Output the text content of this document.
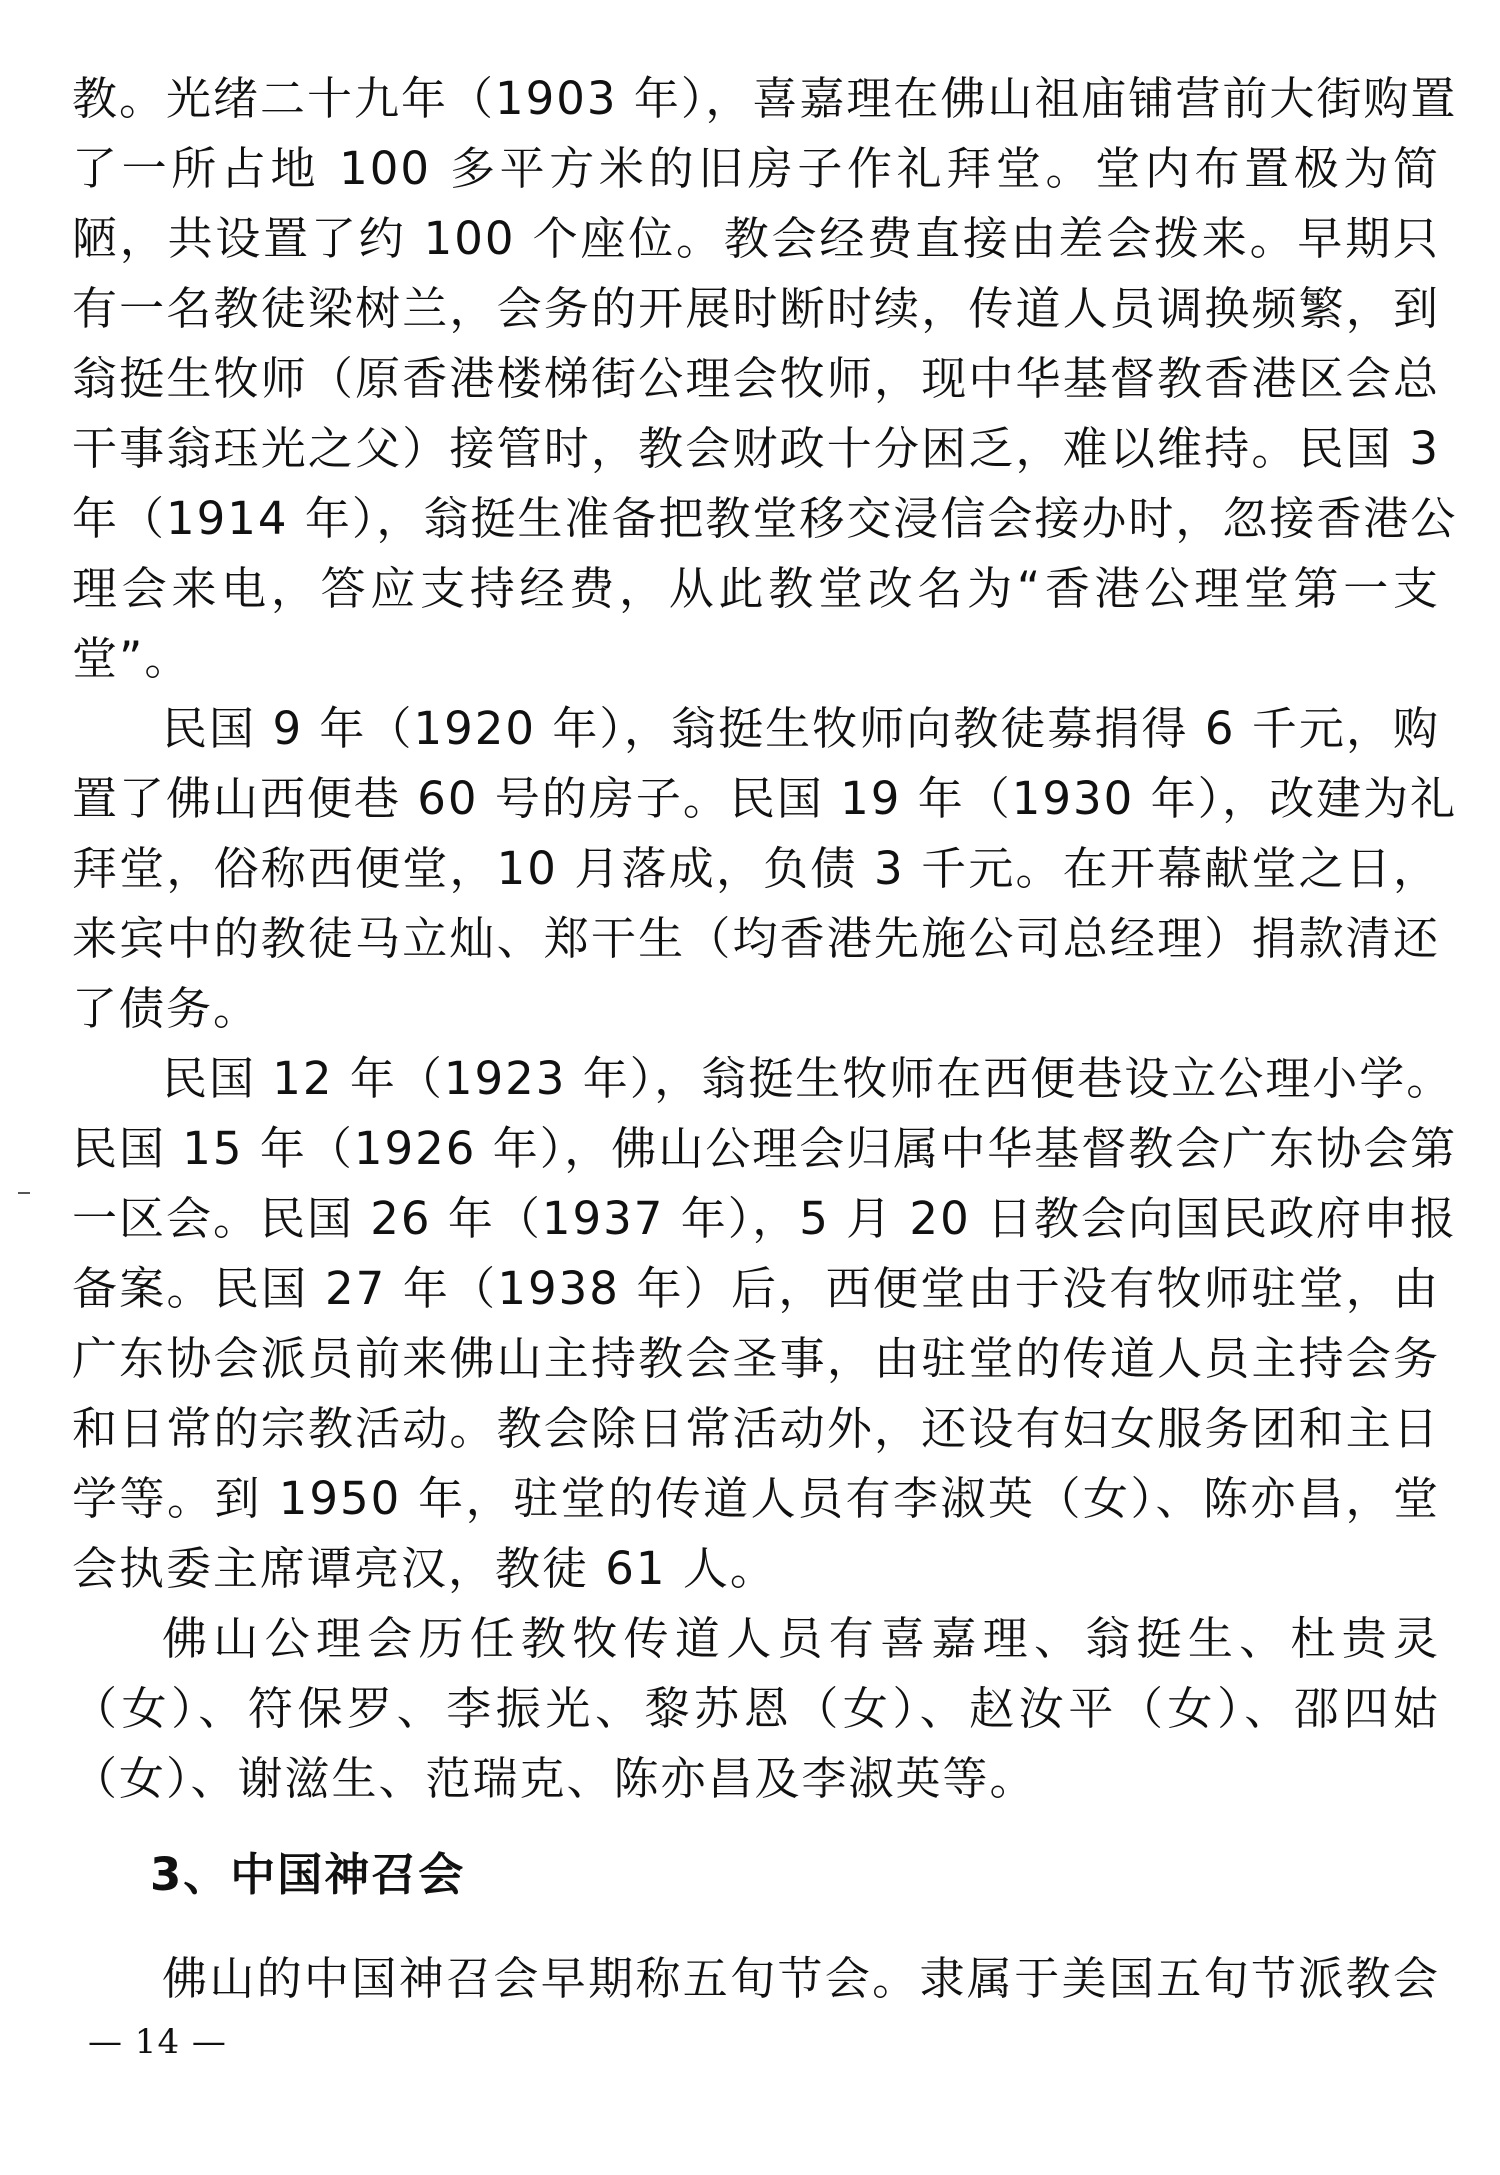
教。光绪二十九年（1903 年），喜嘉理在佛山祖庙铺营前大街购置
了一所占地 100 多平方米的旧房子作礼拜堂。堂内布置极为简
陋，共设置了约 100 个座位。教会经费直接由差会拨来。早期只
有一名教徒梁树兰，会务的开展时断时续，传道人员调换频繁，到
翁挺生牧师（原香港楼梯街公理会牧师，现中华基督教香港区会总
干事翁珏光之父）接管时，教会财政十分困乏，难以维持。民国 3
年（1914 年），翁挺生准备把教堂移交浸信会接办时，忽接香港公
理会来电，答应支持经费，从此教堂改名为“香港公理堂第一支
堂”。
民国 9 年（1920 年），翁挺生牧师向教徒募捐得 6 千元，购
置了佛山西便巷 60 号的房子。民国 19 年（1930 年），改建为礼
拜堂，俗称西便堂，10 月落成，负债 3 千元。在开幕献堂之日，
来宾中的教徒马立灿、郑干生（均香港先施公司总经理）捐款清还
了债务。
民国 12 年（1923 年），翁挺生牧师在西便巷设立公理小学。
民国 15 年（1926 年），佛山公理会归属中华基督教会广东协会第
一区会。民国 26 年（1937 年），5 月 20 日教会向国民政府申报
备案。民国 27 年（1938 年）后，西便堂由于没有牧师驻堂，由
广东协会派员前来佛山主持教会圣事，由驻堂的传道人员主持会务
和日常的宗教活动。教会除日常活动外，还设有妇女服务团和主日
学等。到 1950 年，驻堂的传道人员有李淑英（女）、陈亦昌，堂
会执委主席谭亮汉，教徒 61 人。
佛山公理会历任教牧传道人员有喜嘉理、翁挺生、杜贵灵
（女）、符保罗、李振光、黎苏恩（女）、赵汝平（女）、邵四姑
（女）、谢滋生、范瑞克、陈亦昌及李淑英等。
3、中国神召会
佛山的中国神召会早期称五旬节会。隶属于美国五旬节派教会
— 14 —
